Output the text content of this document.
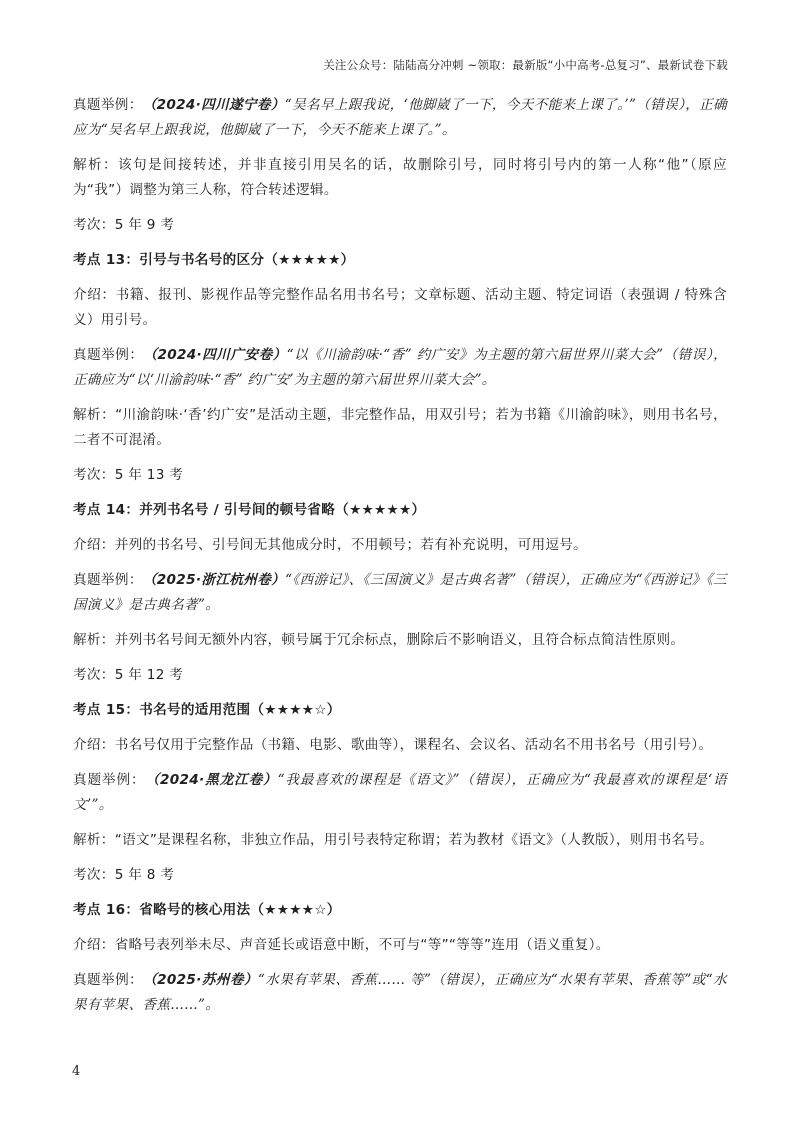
关注公众号：陆陆高分冲刺 ~领取：最新版“小中高考-总复习”、最新试卷下载

真题举例：（2024·四川遂宁卷）“吴名早上跟我说，‘他脚崴了一下，今天不能来上课了。’”（错误），正确应为“吴名早上跟我说，他脚崴了一下，今天不能来上课了。”。

解析：该句是间接转述，并非直接引用吴名的话，故删除引号，同时将引号内的第一人称“他”（原应为“我”）调整为第三人称，符合转述逻辑。

考次：5 年 9 考

考点 13：引号与书名号的区分（★★★★★）

介绍：书籍、报刊、影视作品等完整作品名用书名号；文章标题、活动主题、特定词语（表强调 / 特殊含义）用引号。

真题举例：（2024·四川广安卷）“以《川渝韵味·“香” 约广安》为主题的第六届世界川菜大会”（错误），正确应为“以‘川渝韵味·“香” 约广安’为主题的第六届世界川菜大会”。

解析：“川渝韵味·‘香’约广安”是活动主题，非完整作品，用双引号；若为书籍《川渝韵味》，则用书名号，二者不可混淆。

考次：5 年 13 考

考点 14：并列书名号 / 引号间的顿号省略（★★★★★）

介绍：并列的书名号、引号间无其他成分时，不用顿号；若有补充说明，可用逗号。

真题举例：（2025·浙江杭州卷）“《西游记》、《三国演义》是古典名著”（错误），正确应为“《西游记》《三国演义》是古典名著”。

解析：并列书名号间无额外内容，顿号属于冗余标点，删除后不影响语义，且符合标点简洁性原则。

考次：5 年 12 考

考点 15：书名号的适用范围（★★★★☆）

介绍：书名号仅用于完整作品（书籍、电影、歌曲等），课程名、会议名、活动名不用书名号（用引号）。

真题举例：（2024·黑龙江卷）“我最喜欢的课程是《语文》”（错误），正确应为“我最喜欢的课程是‘语文’”。

解析：“语文”是课程名称，非独立作品，用引号表特定称谓；若为教材《语文》（人教版），则用书名号。

考次：5 年 8 考

考点 16：省略号的核心用法（★★★★☆）

介绍：省略号表列举未尽、声音延长或语意中断，不可与“等”“等等”连用（语义重复）。

真题举例：（2025·苏州卷）“水果有苹果、香蕉…… 等”（错误），正确应为“水果有苹果、香蕉等”或“水果有苹果、香蕉……”。

4
